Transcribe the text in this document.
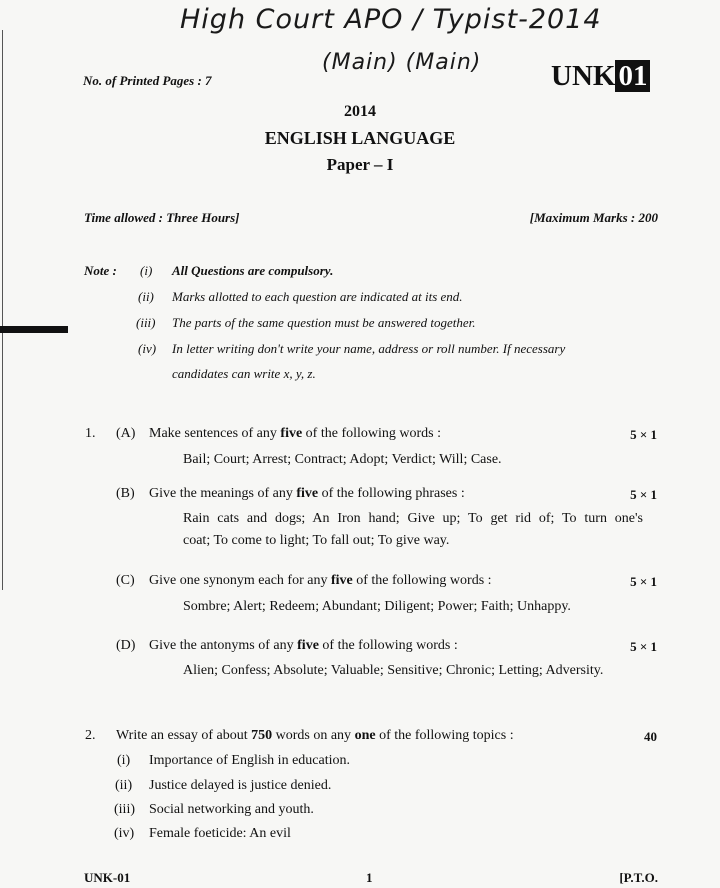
High Court APO / Typist-2014
(Main) (Main)
No. of Printed Pages : 7	UNK 01
2014
ENGLISH LANGUAGE
Paper – I
Time allowed : Three Hours]	[Maximum Marks : 200
Note : (i) All Questions are compulsory.
(ii) Marks allotted to each question are indicated at its end.
(iii) The parts of the same question must be answered together.
(iv) In letter writing don't write your name, address or roll number. If necessary
candidates can write x, y, z.
1. (A) Make sentences of any five of the following words :	5 × 1
Bail; Court; Arrest; Contract; Adopt; Verdict; Will; Case.
(B) Give the meanings of any five of the following phrases :	5 × 1
Rain cats and dogs; An Iron hand; Give up; To get rid of; To turn one's
coat; To come to light; To fall out; To give way.
(C) Give one synonym each for any five of the following words :	5 × 1
Sombre; Alert; Redeem; Abundant; Diligent; Power; Faith; Unhappy.
(D) Give the antonyms of any five of the following words :	5 × 1
Alien; Confess; Absolute; Valuable; Sensitive; Chronic; Letting; Adversity.
2. Write an essay of about 750 words on any one of the following topics :	40
(i) Importance of English in education.
(ii) Justice delayed is justice denied.
(iii) Social networking and youth.
(iv) Female foeticide: An evil
UNK-01	1	[P.T.O.
